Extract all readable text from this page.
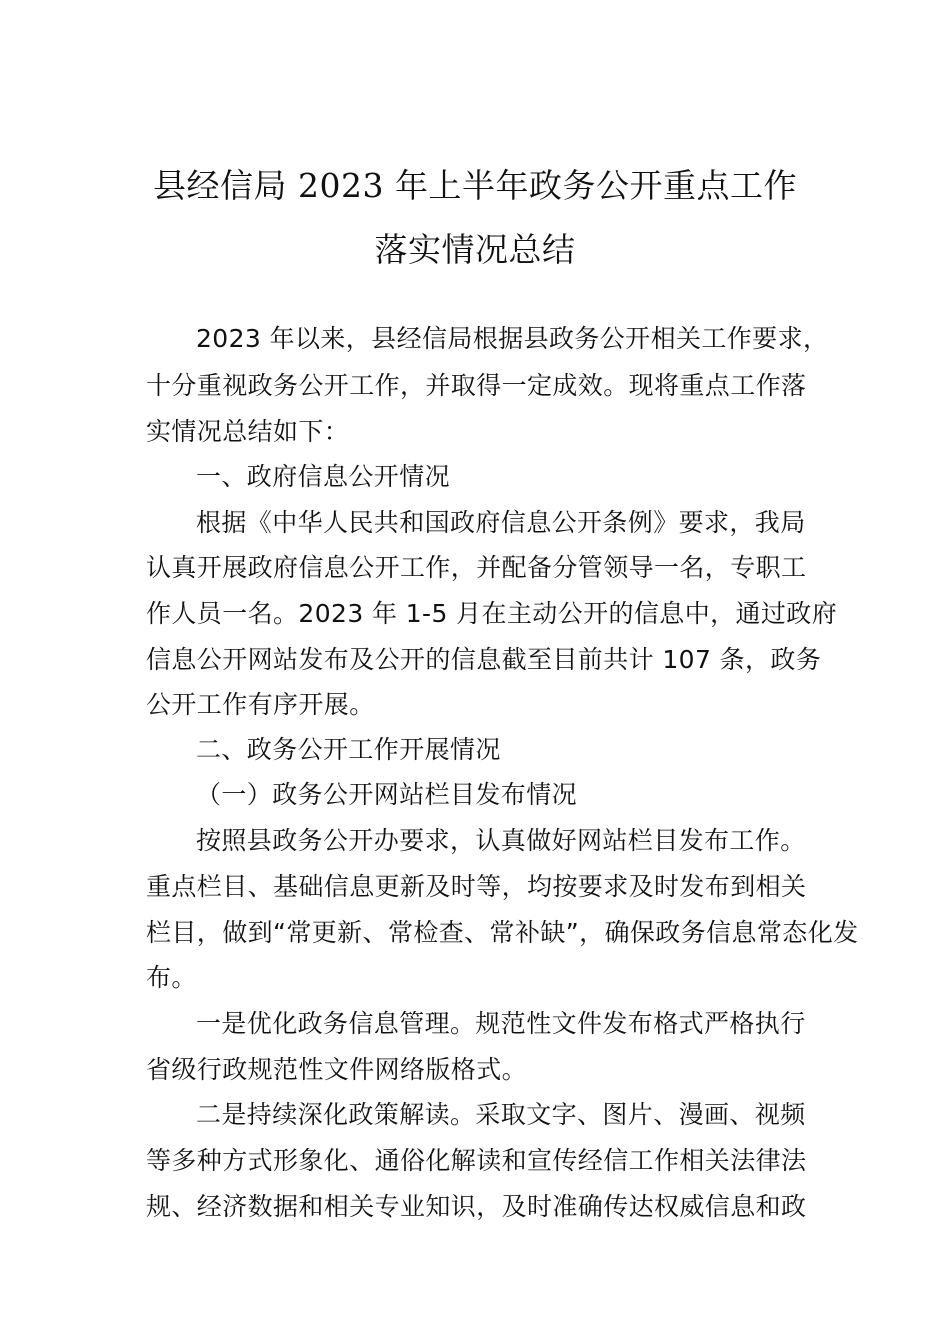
县经信局 2023 年上半年政务公开重点工作
落实情况总结
2023 年以来，县经信局根据县政务公开相关工作要求，
十分重视政务公开工作，并取得一定成效。现将重点工作落
实情况总结如下：
一、政府信息公开情况
根据《中华人民共和国政府信息公开条例》要求，我局
认真开展政府信息公开工作，并配备分管领导一名，专职工
作人员一名。2023 年 1-5 月在主动公开的信息中，通过政府
信息公开网站发布及公开的信息截至目前共计 107 条，政务
公开工作有序开展。
二、政务公开工作开展情况
（一）政务公开网站栏目发布情况
按照县政务公开办要求，认真做好网站栏目发布工作。
重点栏目、基础信息更新及时等，均按要求及时发布到相关
栏目，做到“常更新、常检查、常补缺”，确保政务信息常态化发
布。
一是优化政务信息管理。规范性文件发布格式严格执行
省级行政规范性文件网络版格式。
二是持续深化政策解读。采取文字、图片、漫画、视频
等多种方式形象化、通俗化解读和宣传经信工作相关法律法
规、经济数据和相关专业知识，及时准确传达权威信息和政
